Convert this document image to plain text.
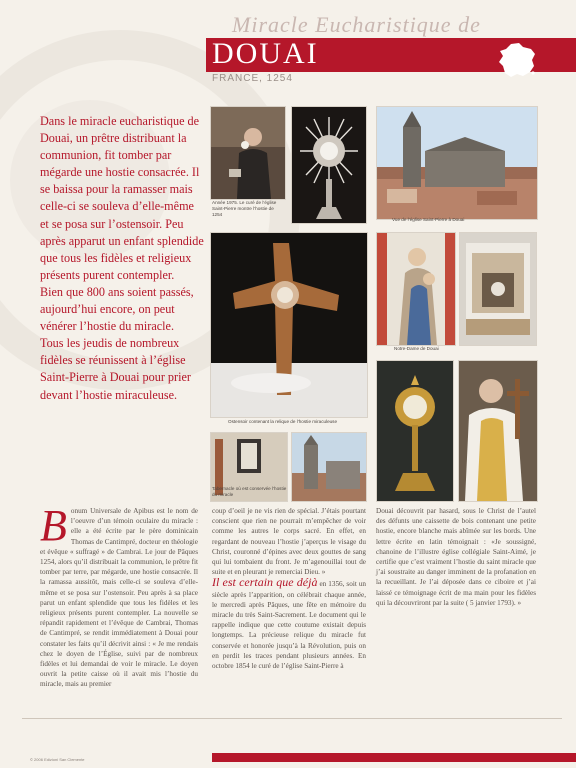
Miracle Eucharistique de
DOUAI
FRANCE, 1254

Dans le miracle eucharistique de Douai, un prêtre distribuant la communion, fit tomber par mégarde une hostie consacrée. Il se baissa pour la ramasser mais celle-ci se souleva d’elle-même et se posa sur l’ostensoir. Peu après apparut un enfant splendide que tous les fidèles et religieux présents purent contempler.

Bien que 800 ans soient passés, aujourd’hui encore, on peut vénérer l’hostie du miracle.

Tous les jeudis de nombreux fidèles se réunissent à l’église Saint-Pierre à Douai pour prier devant l’hostie miraculeuse.

Année 1975. Le curé de l’église Saint-Pierre montre l’hostie de 1254
Vue de l’église Saint-Pierre à Douai
Ostensoir contenant la relique de l’hostie miraculeuse
Notre-Dame de Douai
Tabernacle où est conservée l’hostie du miracle
Bonum Universale de Apibus est le nom de l’oeuvre d’un témoin oculaire du miracle : elle a été écrite par le père dominicain Thomas de Cantimpré, docteur en théologie et évêque « suffragé » de Cambrai. Le jour de Pâques 1254, alors qu’il distribuait la communion, le prêtre fit tomber par terre, par mégarde, une hostie consacrée. Il la ramassa aussitôt, mais celle-ci se souleva d’elle-même et se posa sur l’ostensoir. Peu après à sa place parut un enfant splendide que tous les fidèles et les religieux présents purent contempler. La nouvelle se répandit rapidement et l’évêque de Cambrai, Thomas de Cantimpré, se rendit immédiatement à Douai pour constater les faits qu’il décrivit ainsi : « Je me rendais chez le doyen de l’Église, suivi par de nombreux fidèles et lui demandai de voir le miracle. Le doyen ouvrit la petite caisse où il avait mis l’hostie du miracle, mais au premier
coup d’oeil je ne vis rien de spécial. J’étais pourtant conscient que rien ne pourrait m’empêcher de voir comme les autres le corps sacré. En effet, en regardant de nouveau l’hostie j’aperçus le visage du Christ, couronné d’épines avec deux gouttes de sang qui lui tombaient du front. Je m’agenouillai tout de suite et en pleurant je remerciai Dieu. »
Il est certain que déjà en 1356, soit un siècle après l’apparition, on célébrait chaque année, le mercredi après Pâques, une fête en mémoire du miracle du très Saint-Sacrement. Le document qui le rappelle indique que cette coutume existait depuis longtemps. La précieuse relique du miracle fut conservée et honorée jusqu’à la Révolution, puis on en perdit les traces pendant plusieurs années. En octobre 1854 le curé de l’église Saint-Pierre à
Douai découvrit par hasard, sous le Christ de l’autel des défunts une caissette de bois contenant une petite hostie, encore blanche mais abîmée sur les bords. Une lettre écrite en latin témoignait : «Je soussigné, chanoine de l’illustre église collégiale Saint-Aimé, je certifie que c’est vraiment l’hostie du saint miracle que j’ai soustraite au danger imminent de la profanation en la recueillant. Je l’ai déposée dans ce ciboire et j’ai laissé ce témoignage écrit de ma main pour les fidèles qui la découvriront par la suite ( 5 janvier 1793). »
© 2006 Edizioni San Clemente
